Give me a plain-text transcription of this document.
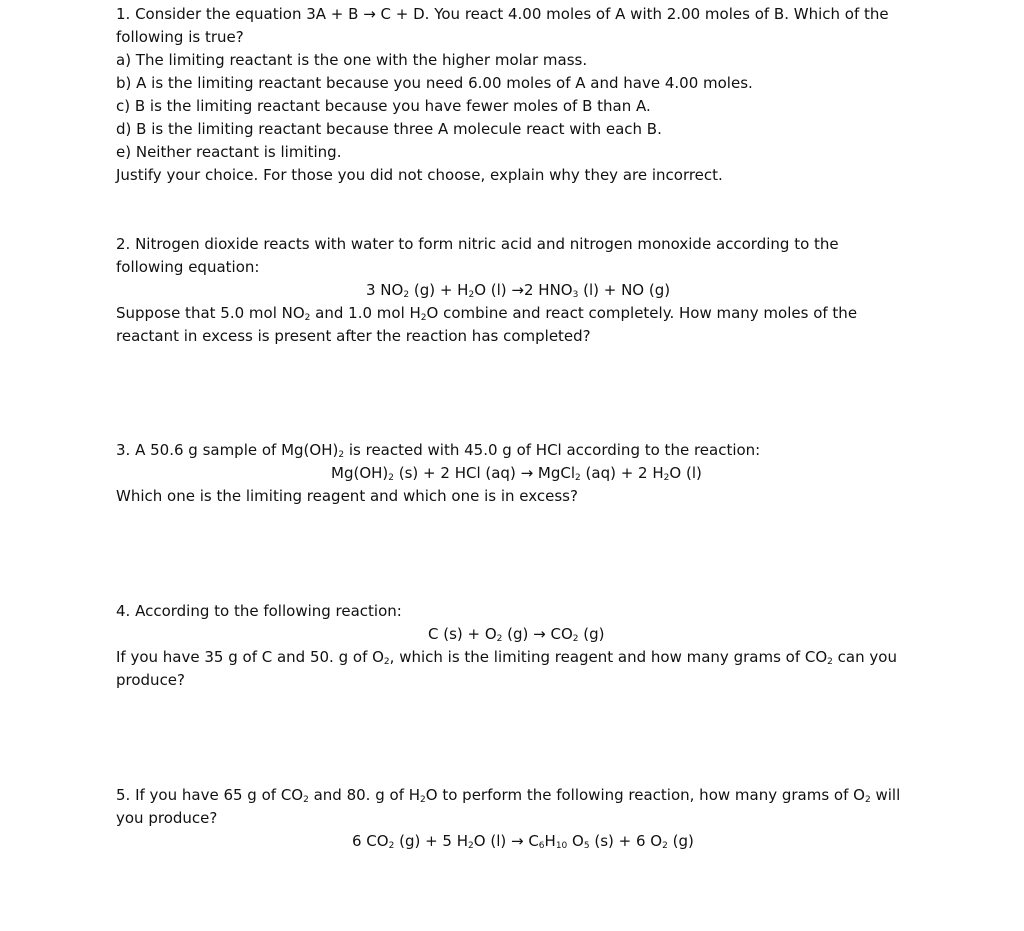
1. Consider the equation 3A + B → C + D. You react 4.00 moles of A with 2.00 moles of B. Which of the
following is true?
a) The limiting reactant is the one with the higher molar mass.
b) A is the limiting reactant because you need 6.00 moles of A and have 4.00 moles.
c) B is the limiting reactant because you have fewer moles of B than A.
d) B is the limiting reactant because three A molecule react with each B.
e) Neither reactant is limiting.
Justify your choice. For those you did not choose, explain why they are incorrect.
2. Nitrogen dioxide reacts with water to form nitric acid and nitrogen monoxide according to the
following equation:
3 $NO_2$ $(g) + H_2O$ (l) →2 $HNO_3$ (l) + NO (g)
Suppose that 5.0 mol $NO_2$ and 1.0 mol $H_2O$ combine and react completely. How many moles of the
reactant in excess is present after the reaction has completed?
3. A 50.6 g sample of $Mg(OH)_2$ is reacted with 45.0 g of HCl according to the reaction:
$Mg(OH)_2$ (s) + 2 HCl (aq) → MgCl$_2$ (aq) + 2 $H_2O$ (l)
Which one is the limiting reagent and which one is in excess?
4. According to the following reaction:
C $(s) + O_2$ $(g) \to CO_2$ (g)
If you have 35 g of C and 50. g of $O_2$, which is the limiting reagent and how many grams of $CO_2$ can you
produce?
5. If you have 65 g of $CO_2$ and 80. g of $H_2O$ to perform the following reaction, how many grams of $O_2$ will
you produce?
6 $CO_2$ (g) + 5 $H_2O$ $(l) \to C_6H_{10}$ $O_5$ (s) + 6 $O_2$ (g)
